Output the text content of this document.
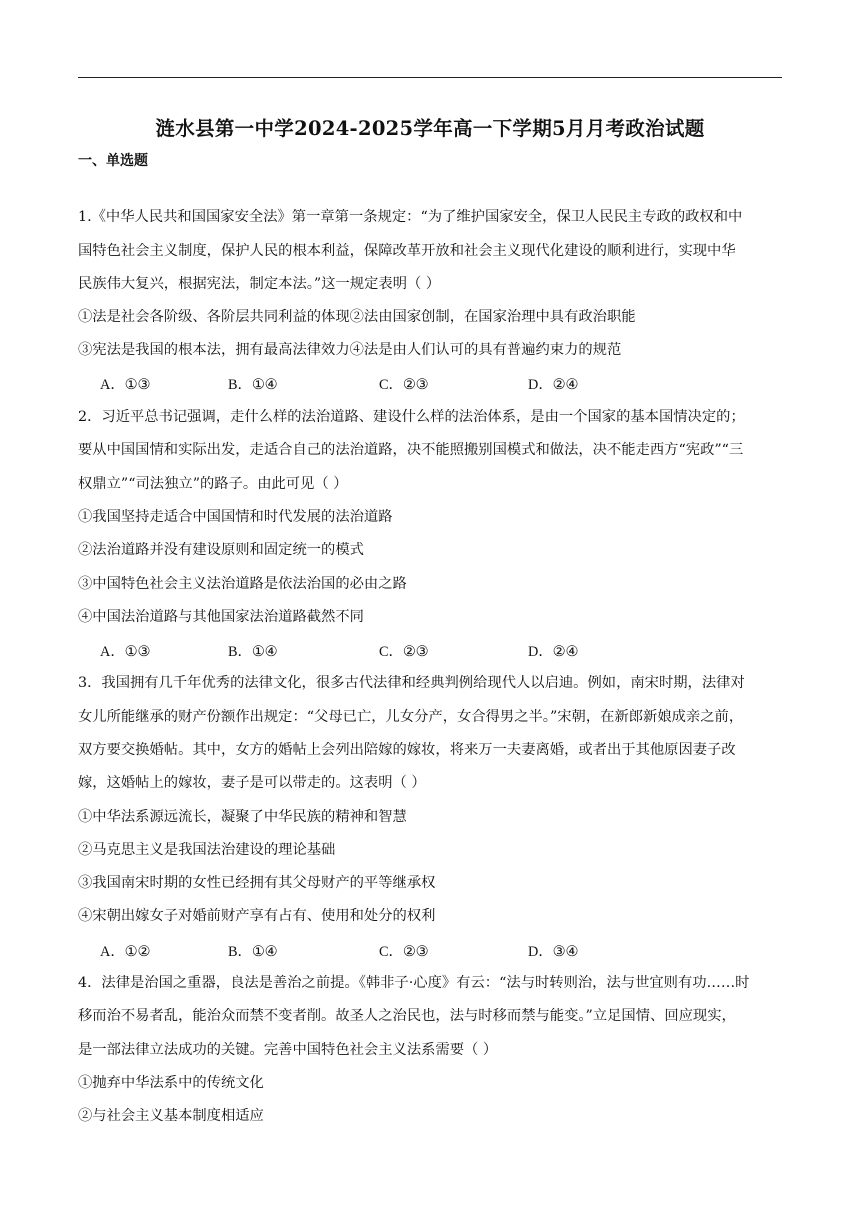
涟水县第一中学2024-2025学年高一下学期5月月考政治试题
一、单选题
1.《中华人民共和国国家安全法》第一章第一条规定：“为了维护国家安全，保卫人民民主专政的政权和中
国特色社会主义制度，保护人民的根本利益，保障改革开放和社会主义现代化建设的顺利进行，实现中华
民族伟大复兴，根据宪法，制定本法。”这一规定表明（ ）
①法是社会各阶级、各阶层共同利益的体现②法由国家创制，在国家治理中具有政治职能
③宪法是我国的根本法，拥有最高法律效力④法是由人们认可的具有普遍约束力的规范
A．①③	B．①④	C．②③	D．②④
2．习近平总书记强调，走什么样的法治道路、建设什么样的法治体系，是由一个国家的基本国情决定的；
要从中国国情和实际出发，走适合自己的法治道路，决不能照搬别国模式和做法，决不能走西方“宪政”“三
权鼎立”“司法独立”的路子。由此可见（ ）
①我国坚持走适合中国国情和时代发展的法治道路
②法治道路并没有建设原则和固定统一的模式
③中国特色社会主义法治道路是依法治国的必由之路
④中国法治道路与其他国家法治道路截然不同
A．①③	B．①④	C．②③	D．②④
3．我国拥有几千年优秀的法律文化，很多古代法律和经典判例给现代人以启迪。例如，南宋时期，法律对
女儿所能继承的财产份额作出规定：“父母已亡，儿女分产，女合得男之半。”宋朝，在新郎新娘成亲之前，
双方要交换婚帖。其中，女方的婚帖上会列出陪嫁的嫁妆，将来万一夫妻离婚，或者出于其他原因妻子改
嫁，这婚帖上的嫁妆，妻子是可以带走的。这表明（ ）
①中华法系源远流长，凝聚了中华民族的精神和智慧
②马克思主义是我国法治建设的理论基础
③我国南宋时期的女性已经拥有其父母财产的平等继承权
④宋朝出嫁女子对婚前财产享有占有、使用和处分的权利
A．①②	B．①④	C．②③	D．③④
4．法律是治国之重器，良法是善治之前提。《韩非子·心度》有云：“法与时转则治，法与世宜则有功……时
移而治不易者乱，能治众而禁不变者削。故圣人之治民也，法与时移而禁与能变。”立足国情、回应现实，
是一部法律立法成功的关键。完善中国特色社会主义法系需要（ ）
①抛弃中华法系中的传统文化
②与社会主义基本制度相适应
